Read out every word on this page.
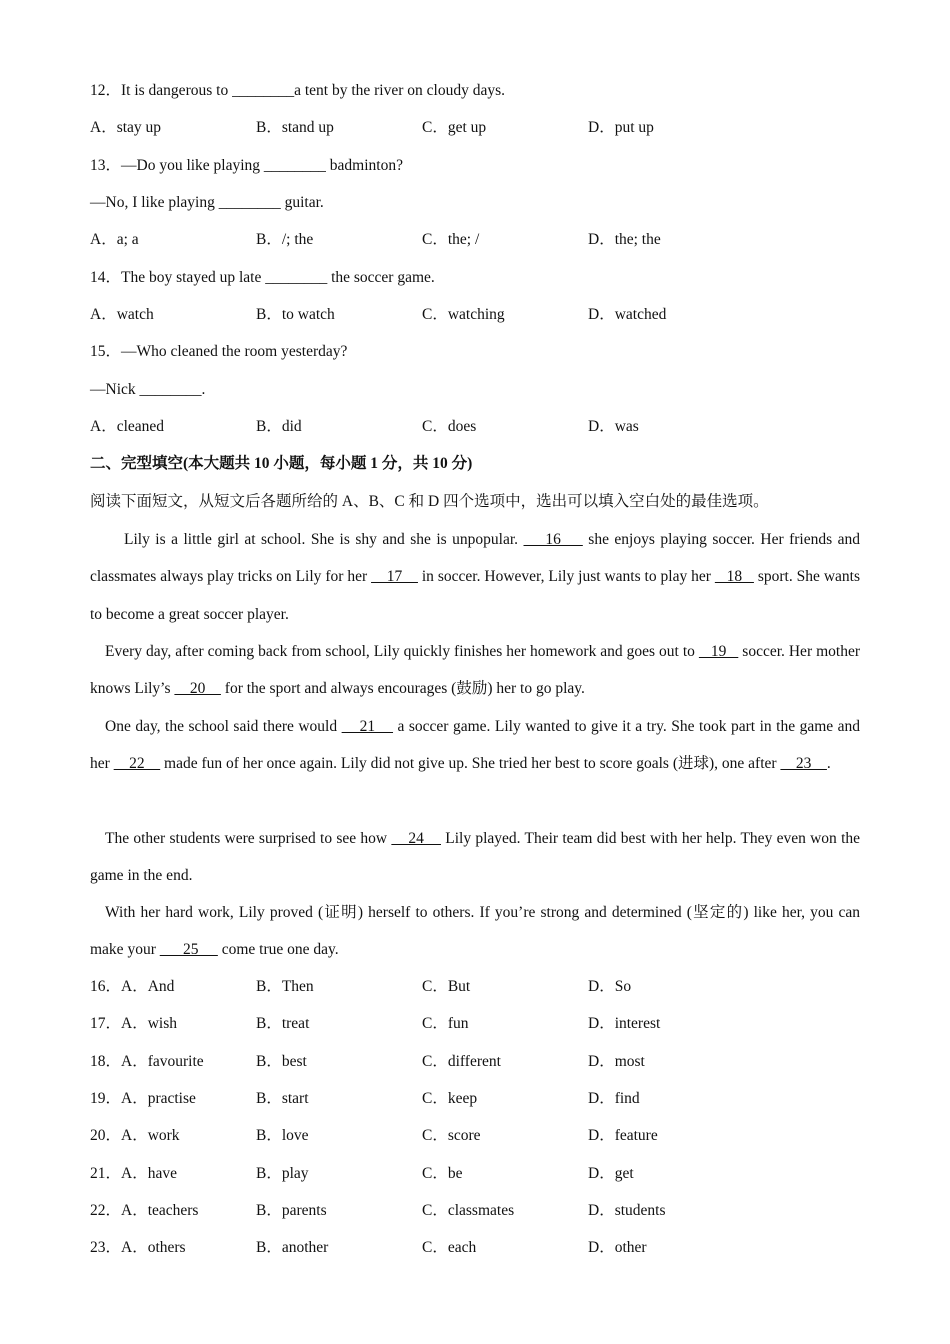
12．It is dangerous to ________a tent by the river on cloudy days.
A．stay up	B．stand up	C．get up	D．put up
13．—Do you like playing ________ badminton?
—No, I like playing ________ guitar.
A．a; a	B．/; the	C．the; /	D．the; the
14．The boy stayed up late ________ the soccer game.
A．watch	B．to watch	C．watching	D．watched
15．—Who cleaned the room yesterday?
—Nick ________.
A．cleaned	B．did	C．does	D．was
二、完型填空(本大题共 10 小题，每小题 1 分，共 10 分)
阅读下面短文，从短文后各题所给的 A、B、C 和 D 四个选项中，选出可以填入空白处的最佳选项。
Lily is a little girl at school. She is shy and she is unpopular.     16     she enjoys playing soccer. Her friends and classmates always play tricks on Lily for her     17     in soccer. However, Lily just wants to play her    18    sport. She wants to become a great soccer player.
Every day, after coming back from school, Lily quickly finishes her homework and goes out to    19    soccer. Her mother knows Lily’s     20     for the sport and always encourages (鼓励) her to go play.
One day, the school said there would     21     a soccer game. Lily wanted to give it a try. She took part in the game and her     22     made fun of her once again. Lily did not give up. She tried her best to score goals (进球), one after     23    .
The other students were surprised to see how     24     Lily played. Their team did best with her help. They even won the game in the end.
With her hard work, Lily proved (证明) herself to others. If you’re strong and determined (坚定的) like her, you can make your       25      come true one day.
16．A．And	B．Then	C．But	D．So
17．A．wish	B．treat	C．fun	D．interest
18．A．favourite	B．best	C．different	D．most
19．A．practise	B．start	C．keep	D．find
20．A．work	B．love	C．score	D．feature
21．A．have	B．play	C．be	D．get
22．A．teachers	B．parents	C．classmates	D．students
23．A．others	B．another	C．each	D．other
